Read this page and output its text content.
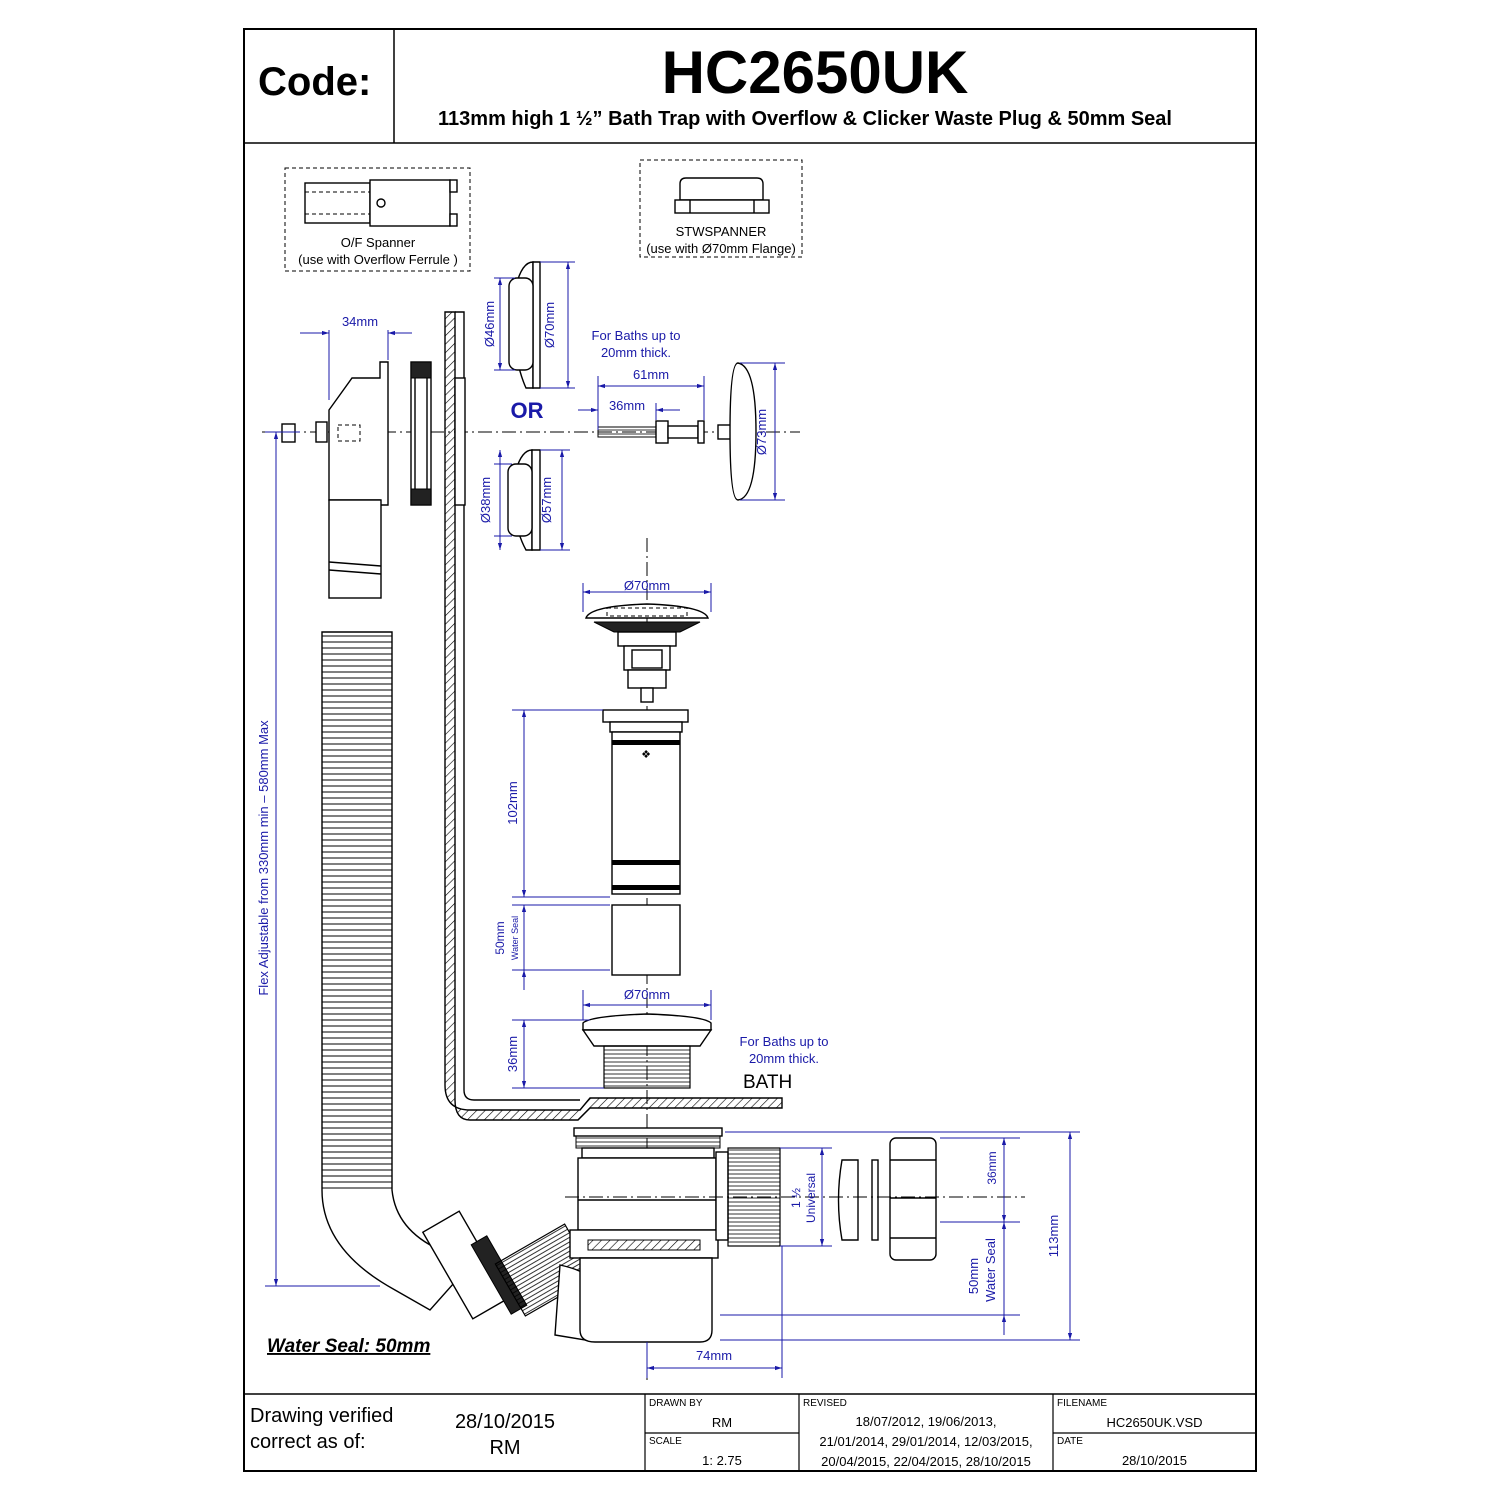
O/F Spanner
(use with Overflow Ferrule )
STWSPANNER
(use with Ø70mm Flange)
❖
34mm	Ø46mm	Ø70mm
Ø38mm	Ø57mm
61mm
36mm
Ø73mm
Ø70mm
102mm
50mm Water Seal
Ø70mm
36mm
Flex Adjustable from 330mm min – 580mm Max
1 ½ Universal
36mm
50mm Water Seal
113mm
74mm
OR
For Baths up to
20mm thick.
For Baths up to
20mm thick.
BATH
Water Seal: 50mm
Code:	HC2650UK
113mm high 1 ½” Bath Trap with Overflow & Clicker Waste Plug & 50mm Seal
Drawing verified
correct as of:
28/10/2015
RM
DRAWN BY
RM
SCALE
1: 2.75
REVISED
18/07/2012, 19/06/2013,
21/01/2014, 29/01/2014, 12/03/2015,
20/04/2015, 22/04/2015, 28/10/2015
FILENAME
HC2650UK.VSD
DATE
28/10/2015
